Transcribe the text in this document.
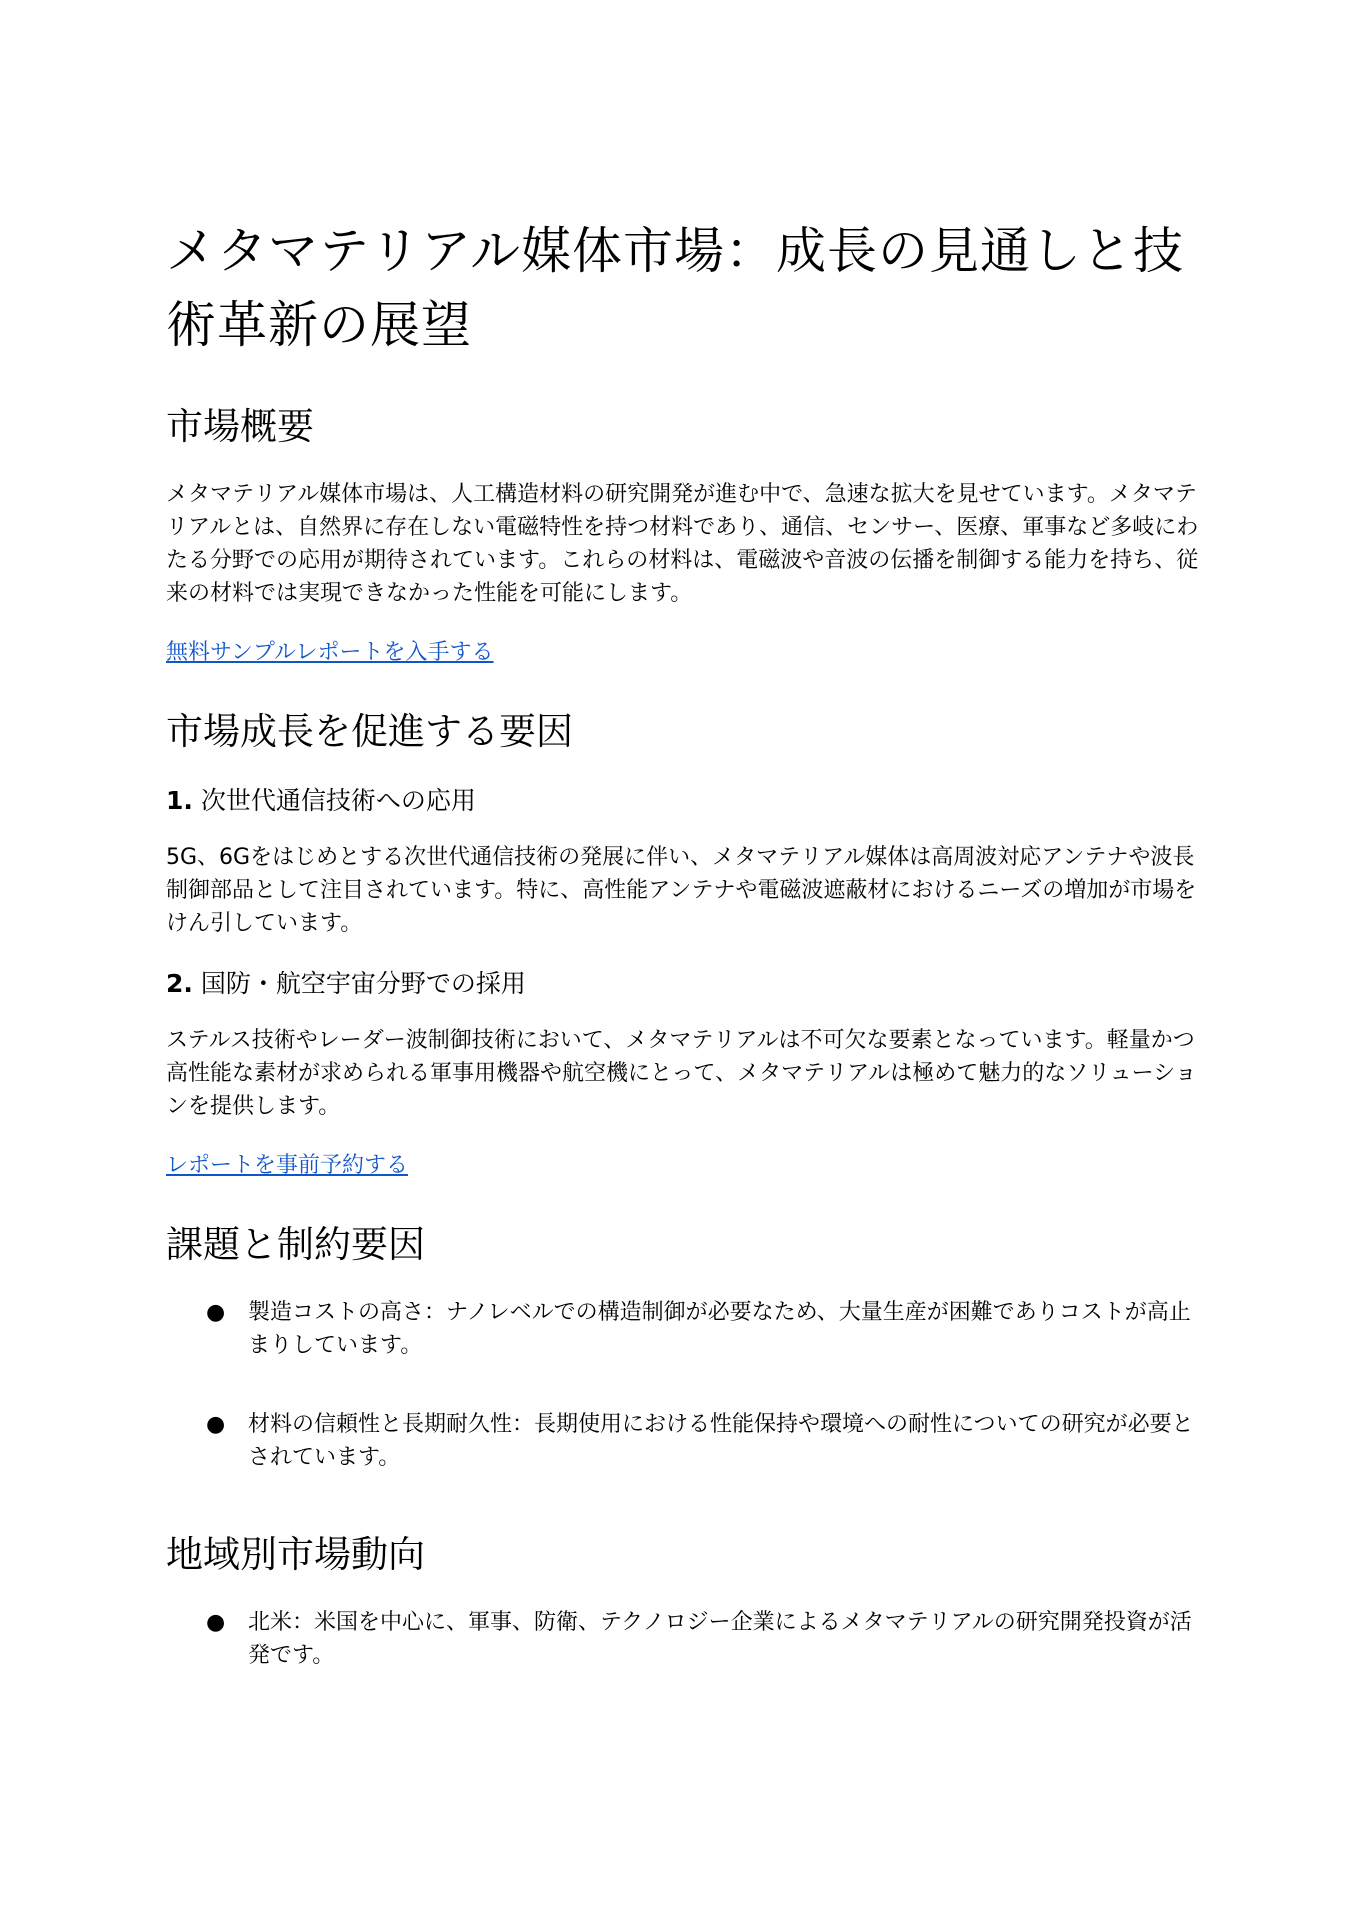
メタマテリアル媒体市場：成長の見通しと技術革新の展望
市場概要

メタマテリアル媒体市場は、人工構造材料の研究開発が進む中で、急速な拡大を見せています。メタマテリアルとは、自然界に存在しない電磁特性を持つ材料であり、通信、センサー、医療、軍事など多岐にわたる分野での応用が期待されています。これらの材料は、電磁波や音波の伝播を制御する能力を持ち、従来の材料では実現できなかった性能を可能にします。

無料サンプルレポートを入手する
市場成長を促進する要因
1. 次世代通信技術への応用

5G、6Gをはじめとする次世代通信技術の発展に伴い、メタマテリアル媒体は高周波対応アンテナや波長制御部品として注目されています。特に、高性能アンテナや電磁波遮蔽材におけるニーズの増加が市場をけん引しています。

2. 国防・航空宇宙分野での採用

ステルス技術やレーダー波制御技術において、メタマテリアルは不可欠な要素となっています。軽量かつ高性能な素材が求められる軍事用機器や航空機にとって、メタマテリアルは極めて魅力的なソリューションを提供します。

レポートを事前予約する
課題と制約要因
● 製造コストの高さ：ナノレベルでの構造制御が必要なため、大量生産が困難でありコストが高止まりしています。
● 材料の信頼性と長期耐久性：長期使用における性能保持や環境への耐性についての研究が必要とされています。
地域別市場動向
● 北米：米国を中心に、軍事、防衛、テクノロジー企業によるメタマテリアルの研究開発投資が活発です。
